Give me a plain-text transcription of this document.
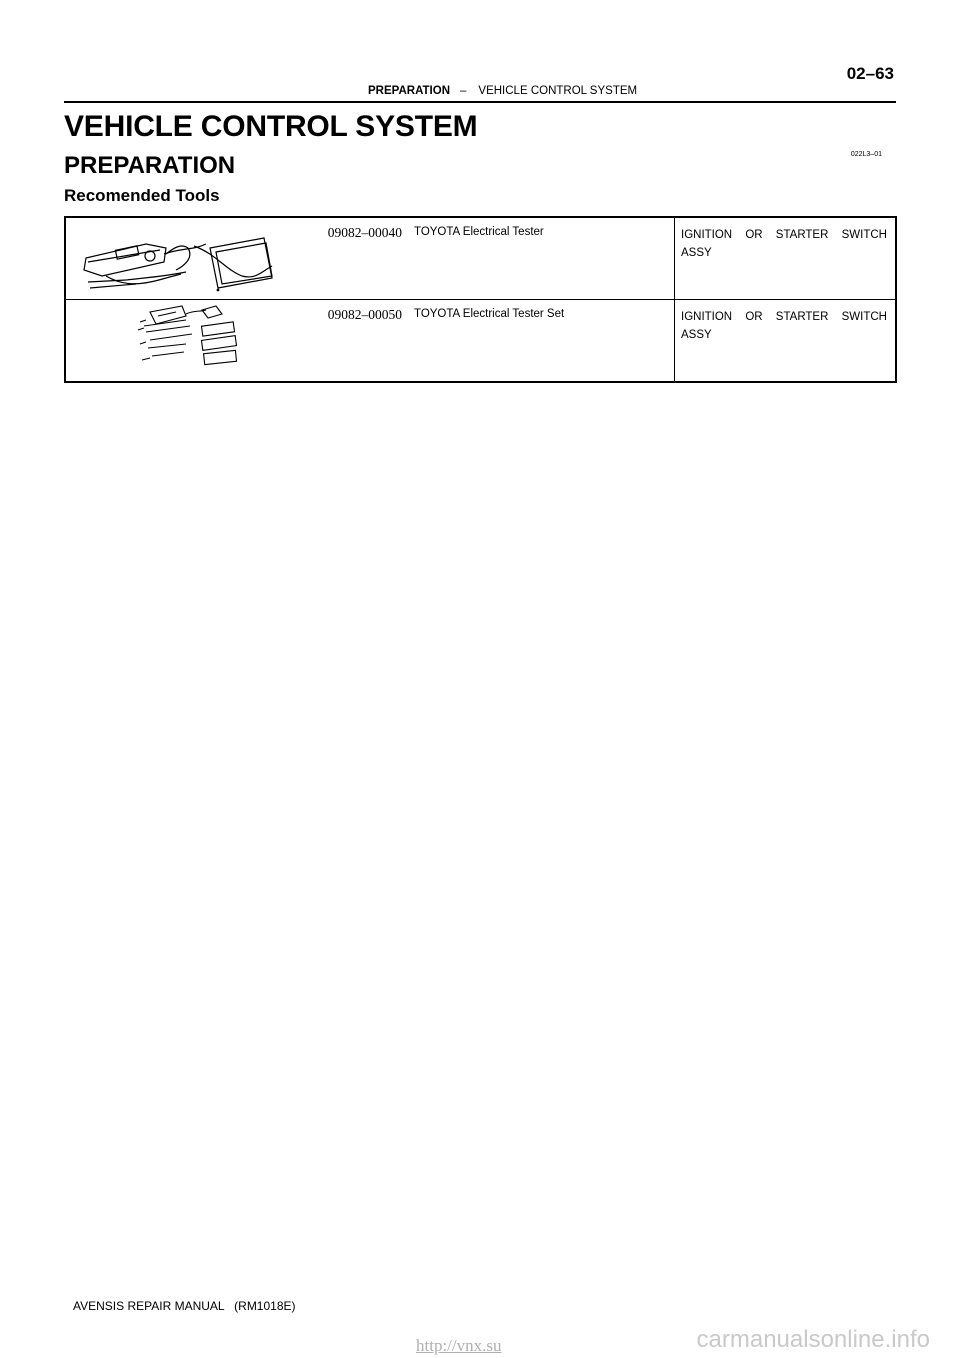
02–63
PREPARATION – VEHICLE CONTROL SYSTEM
VEHICLE CONTROL SYSTEM
PREPARATION	022L3–01
Recomended Tools
09082–00040	TOYOTA Electrical Tester	IGNITION OR STARTER SWITCH ASSY

09082–00050	TOYOTA Electrical Tester Set	IGNITION OR STARTER SWITCH ASSY
AVENSIS REPAIR MANUAL   (RM1018E)
http://vnx.su	carmanualsonline.info
